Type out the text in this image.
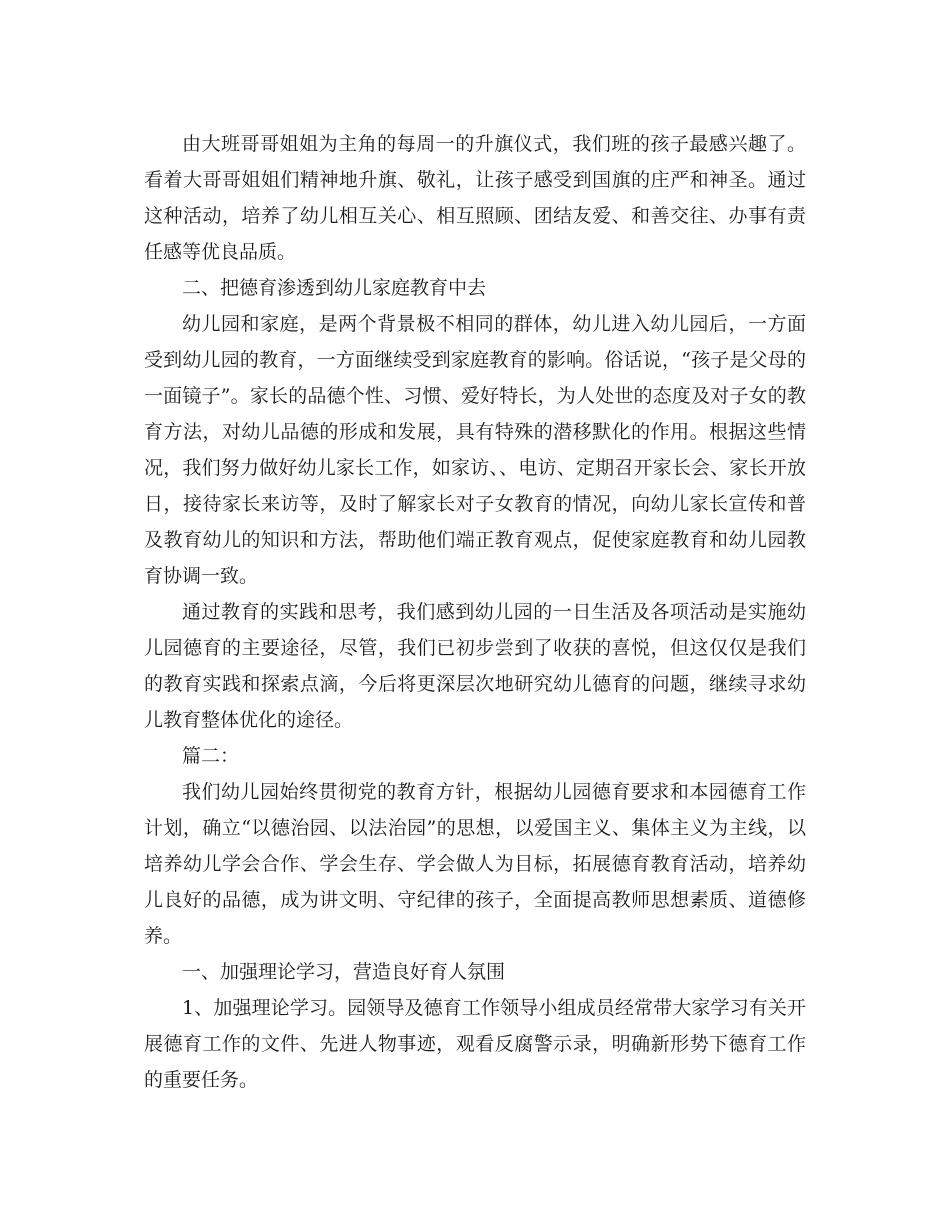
由大班哥哥姐姐为主角的每周一的升旗仪式，我们班的孩子最感兴趣了。看着大哥哥姐姐们精神地升旗、敬礼，让孩子感受到国旗的庄严和神圣。通过这种活动，培养了幼儿相互关心、相互照顾、团结友爱、和善交往、办事有责任感等优良品质。

二、把德育渗透到幼儿家庭教育中去

幼儿园和家庭，是两个背景极不相同的群体，幼儿进入幼儿园后，一方面受到幼儿园的教育，一方面继续受到家庭教育的影响。俗话说，“孩子是父母的一面镜子”。家长的品德个性、习惯、爱好特长，为人处世的态度及对子女的教育方法，对幼儿品德的形成和发展，具有特殊的潜移默化的作用。根据这些情况，我们努力做好幼儿家长工作，如家访、、电访、定期召开家长会、家长开放日，接待家长来访等，及时了解家长对子女教育的情况，向幼儿家长宣传和普及教育幼儿的知识和方法，帮助他们端正教育观点，促使家庭教育和幼儿园教育协调一致。

通过教育的实践和思考，我们感到幼儿园的一日生活及各项活动是实施幼儿园德育的主要途径，尽管，我们已初步尝到了收获的喜悦，但这仅仅是我们的教育实践和探索点滴，今后将更深层次地研究幼儿德育的问题，继续寻求幼儿教育整体优化的途径。

篇二：

我们幼儿园始终贯彻党的教育方针，根据幼儿园德育要求和本园德育工作计划，确立“以德治园、以法治园”的思想，以爱国主义、集体主义为主线，以培养幼儿学会合作、学会生存、学会做人为目标，拓展德育教育活动，培养幼儿良好的品德，成为讲文明、守纪律的孩子，全面提高教师思想素质、道德修养。

一、加强理论学习，营造良好育人氛围

1、加强理论学习。园领导及德育工作领导小组成员经常带大家学习有关开展德育工作的文件、先进人物事迹，观看反腐警示录，明确新形势下德育工作的重要任务。
